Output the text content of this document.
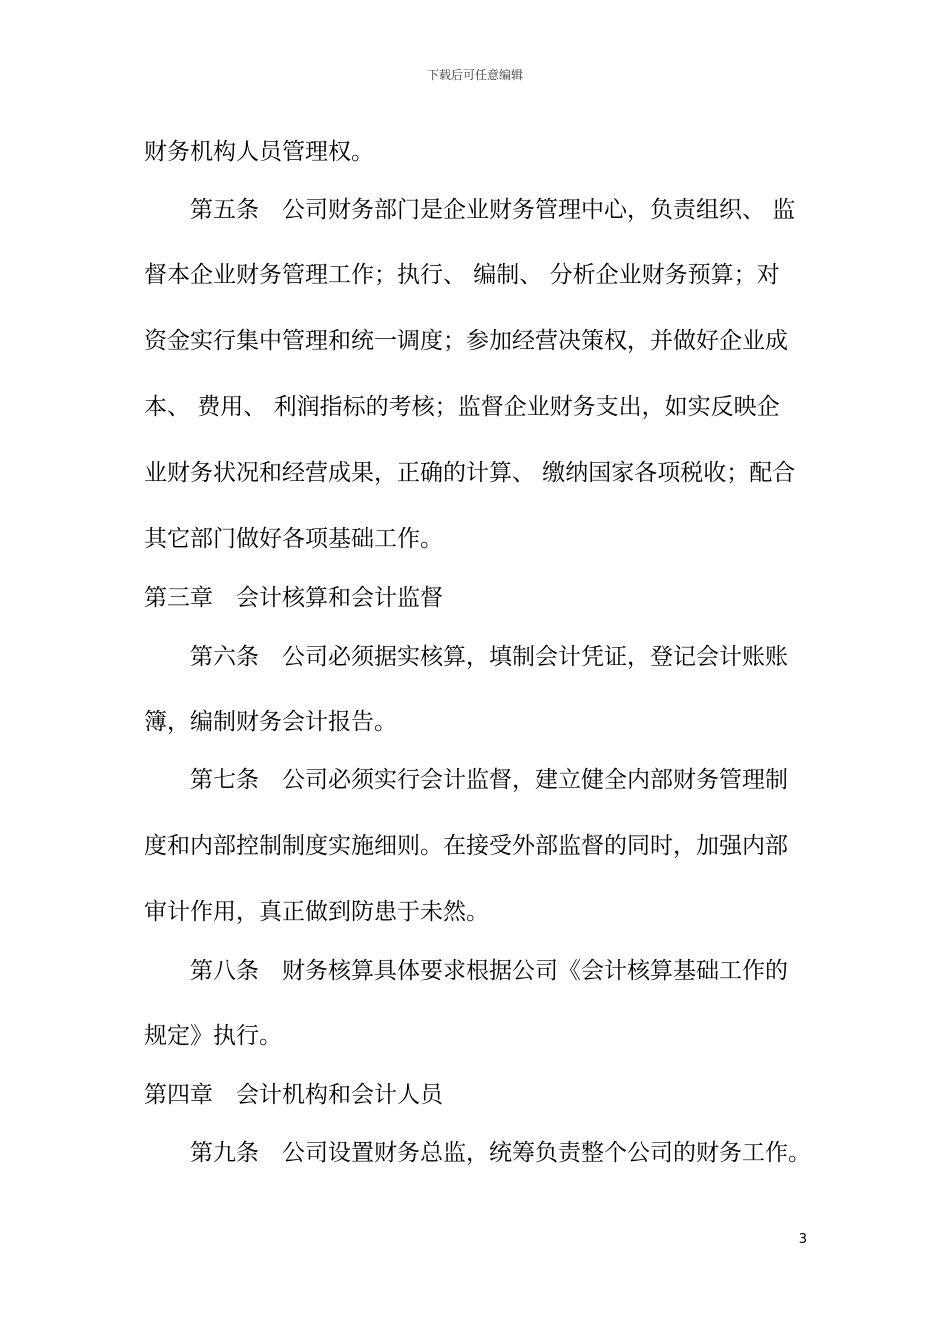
下载后可任意编辑
财务机构人员管理权。
　　第五条　公司财务部门是企业财务管理中心，负责组织、 监
督本企业财务管理工作；执行、 编制、 分析企业财务预算；对
资金实行集中管理和统一调度；参加经营决策权，并做好企业成
本、 费用、 利润指标的考核；监督企业财务支出，如实反映企
业财务状况和经营成果，正确的计算、 缴纳国家各项税收；配合
其它部门做好各项基础工作。
第三章　会计核算和会计监督
　　第六条　公司必须据实核算，填制会计凭证，登记会计账账
簿，编制财务会计报告。
　　第七条　公司必须实行会计监督，建立健全内部财务管理制
度和内部控制制度实施细则。在接受外部监督的同时，加强内部
审计作用，真正做到防患于未然。
　　第八条　财务核算具体要求根据公司《会计核算基础工作的
规定》执行。
第四章　会计机构和会计人员
　　第九条　公司设置财务总监，统筹负责整个公司的财务工作。
3
